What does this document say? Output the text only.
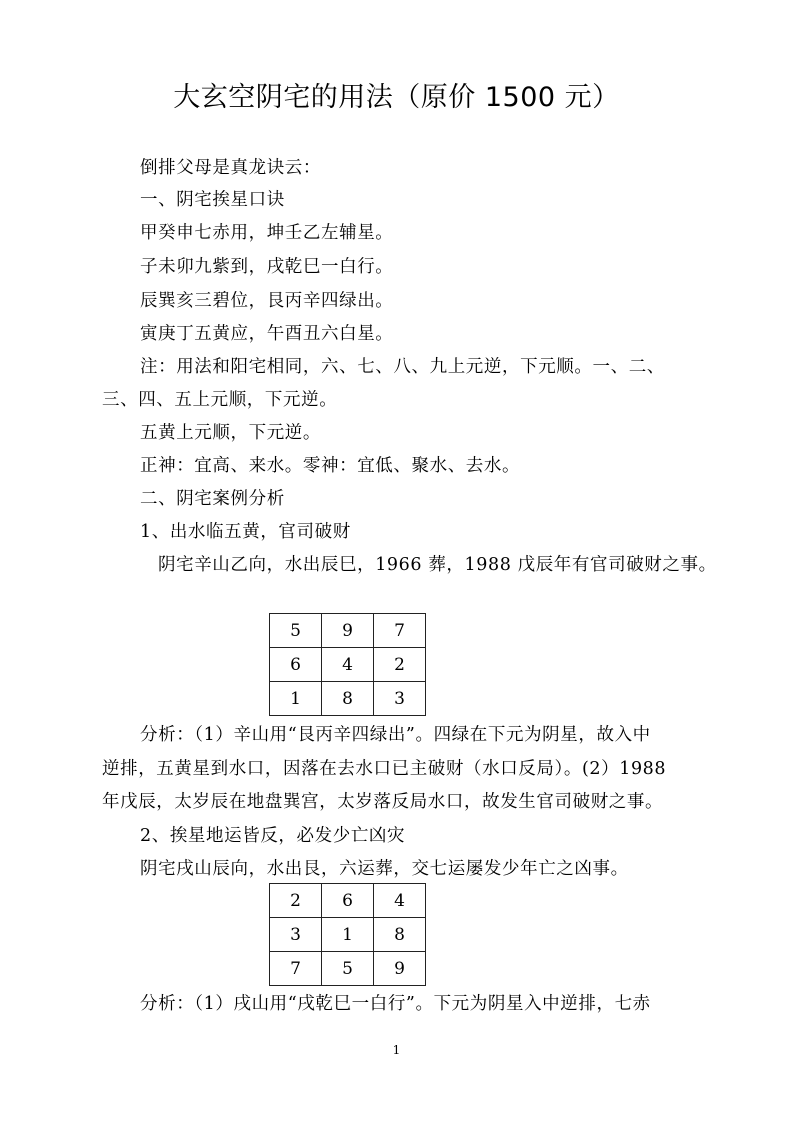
大玄空阴宅的用法（原价 1500 元）
倒排父母是真龙诀云：
一、阴宅挨星口诀
甲癸申七赤用，坤壬乙左辅星。
子未卯九紫到，戌乾巳一白行。
辰巽亥三碧位，艮丙辛四绿出。
寅庚丁五黄应，午酉丑六白星。
注：用法和阳宅相同，六、七、八、九上元逆，下元顺。一、二、
三、四、五上元顺，下元逆。
五黄上元顺，下元逆。
正神：宜高、来水。零神：宜低、聚水、去水。
二、阴宅案例分析
1、出水临五黄，官司破财
阴宅辛山乙向，水出辰巳，1966 葬，1988 戊辰年有官司破财之事。
5	9	7
6	4	2
1	8	3
分析：（1）辛山用“艮丙辛四绿出”。四绿在下元为阴星，故入中
逆排，五黄星到水口，因落在去水口已主破财（水口反局）。(2）1988
年戊辰，太岁辰在地盘巽宫，太岁落反局水口，故发生官司破财之事。
2、挨星地运皆反，必发少亡凶灾
阴宅戌山辰向，水出艮，六运葬，交七运屡发少年亡之凶事。
2	6	4
3	1	8
7	5	9
分析：（1）戌山用“戌乾巳一白行”。下元为阴星入中逆排，七赤
1
